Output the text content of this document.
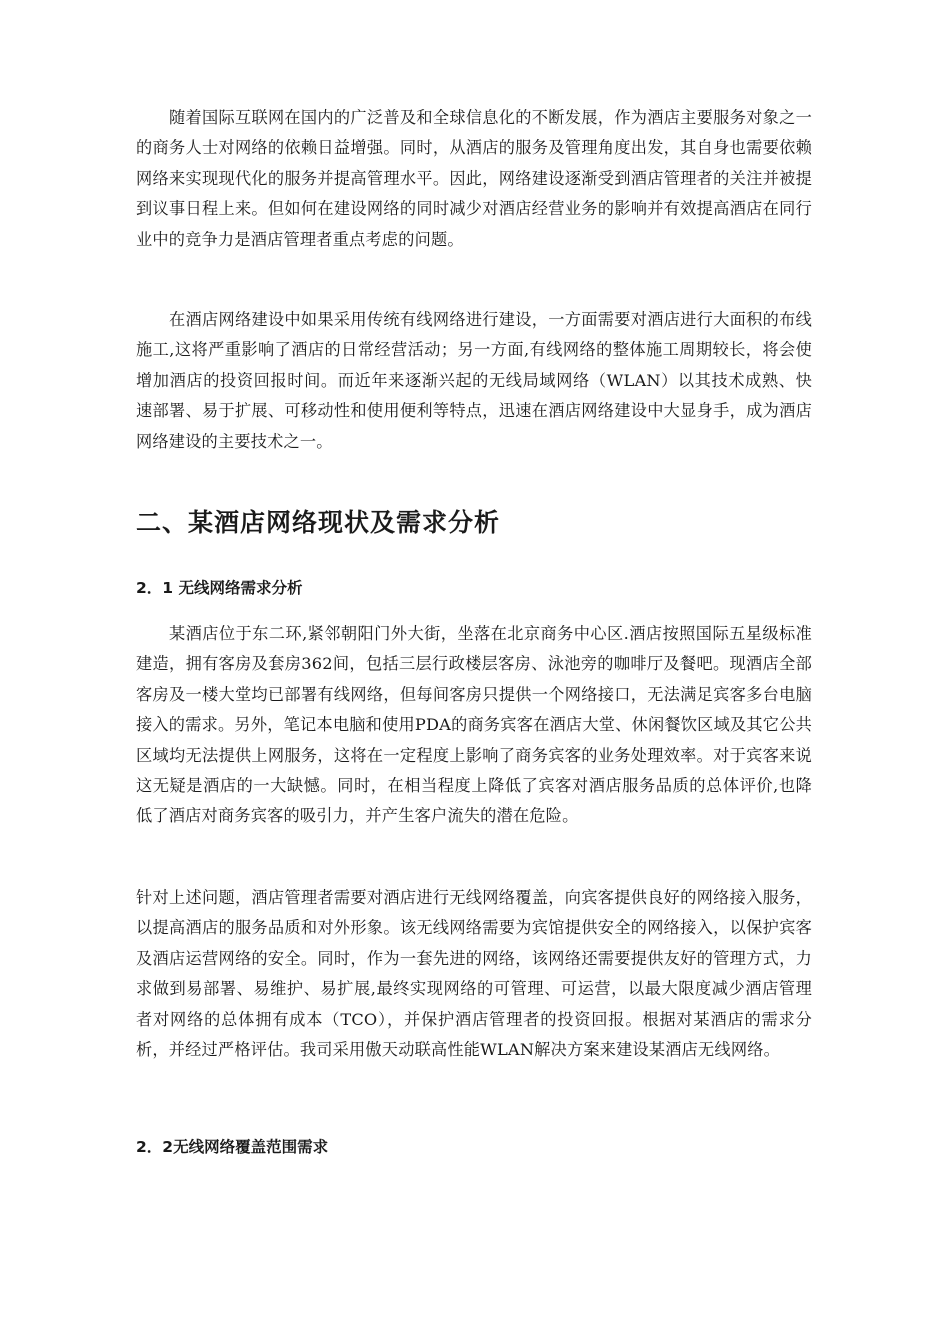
随着国际互联网在国内的广泛普及和全球信息化的不断发展，作为酒店主要服务对象之一的商务人士对网络的依赖日益增强。同时，从酒店的服务及管理角度出发，其自身也需要依赖网络来实现现代化的服务并提高管理水平。因此，网络建设逐渐受到酒店管理者的关注并被提到议事日程上来。但如何在建设网络的同时减少对酒店经营业务的影响并有效提高酒店在同行业中的竞争力是酒店管理者重点考虑的问题。

在酒店网络建设中如果采用传统有线网络进行建设，一方面需要对酒店进行大面积的布线施工,这将严重影响了酒店的日常经营活动；另一方面,有线网络的整体施工周期较长，将会使增加酒店的投资回报时间。而近年来逐渐兴起的无线局域网络（WLAN）以其技术成熟、快速部署、易于扩展、可移动性和使用便利等特点，迅速在酒店网络建设中大显身手，成为酒店网络建设的主要技术之一。

二、某酒店网络现状及需求分析
2．1 无线网络需求分析

某酒店位于东二环,紧邻朝阳门外大街，坐落在北京商务中心区.酒店按照国际五星级标准建造，拥有客房及套房362间，包括三层行政楼层客房、泳池旁的咖啡厅及餐吧。现酒店全部客房及一楼大堂均已部署有线网络，但每间客房只提供一个网络接口，无法满足宾客多台电脑接入的需求。另外，笔记本电脑和使用PDA的商务宾客在酒店大堂、休闲餐饮区域及其它公共区域均无法提供上网服务，这将在一定程度上影响了商务宾客的业务处理效率。对于宾客来说这无疑是酒店的一大缺憾。同时，在相当程度上降低了宾客对酒店服务品质的总体评价,也降低了酒店对商务宾客的吸引力，并产生客户流失的潜在危险。

针对上述问题，酒店管理者需要对酒店进行无线网络覆盖，向宾客提供良好的网络接入服务，以提高酒店的服务品质和对外形象。该无线网络需要为宾馆提供安全的网络接入，以保护宾客及酒店运营网络的安全。同时，作为一套先进的网络，该网络还需要提供友好的管理方式，力求做到易部署、易维护、易扩展,最终实现网络的可管理、可运营，以最大限度减少酒店管理者对网络的总体拥有成本（TCO），并保护酒店管理者的投资回报。根据对某酒店的需求分析，并经过严格评估。我司采用傲天动联高性能WLAN解决方案来建设某酒店无线网络。

2．2无线网络覆盖范围需求
